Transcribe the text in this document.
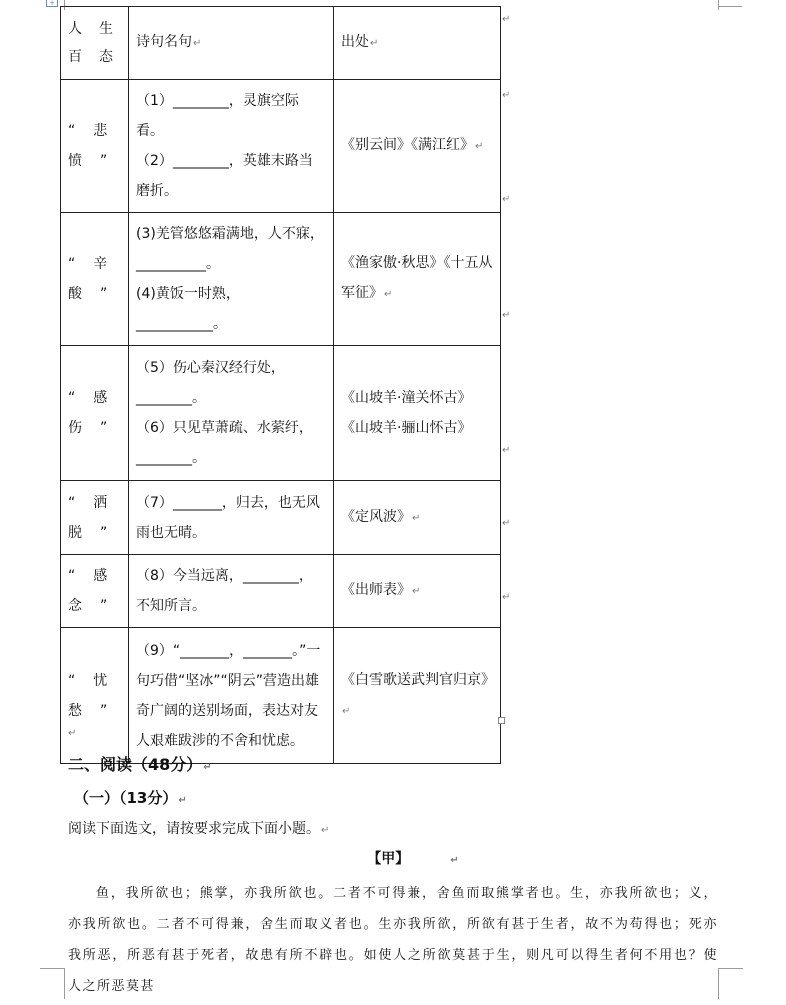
+
人生百态	诗句名句↵	出处↵

“悲愤”	（1）________，灵旗空际看。
（2）________，英雄末路当磨折。	《别云间》《满江红》↵

“辛酸”	(3)羌管悠悠霜满地，人不寐，__________。
(4)黄饭一时熟，___________。	《渔家傲·秋思》《十五从军征》↵

“感伤”	（5）伤心秦汉经行处，________。
（6）只见草萧疏、水萦纡，________。	《山坡羊·潼关怀古》
《山坡羊·骊山怀古》

“洒脱”	（7）_______，归去，也无风雨也无晴。	《定风波》↵

“感念”	（8）今当远离，________，不知所言。	《出师表》↵

“忧愁”	（9）“_______，_______。”一句巧借“坚冰”“阴云”营造出雄奇广阔的送别场面，表达对友人艰难跋涉的不舍和忧虑。	《白雪歌送武判官归京》↵
↵
↵
↵
↵
↵
↵
↵
↵
二、阅读（48分）↵
（一）（13分）↵
阅读下面选文，请按要求完成下面小题。↵
【甲】	↵
鱼，我所欲也；熊掌，亦我所欲也。二者不可得兼，舍鱼而取熊掌者也。生，亦我所欲也；义，亦我所欲也。二者不可得兼，舍生而取义者也。生亦我所欲，所欲有甚于生者，故不为苟得也；死亦我所恶，所恶有甚于死者，故患有所不辟也。如使人之所欲莫甚于生，则凡可以得生者何不用也？使人之所恶莫甚
